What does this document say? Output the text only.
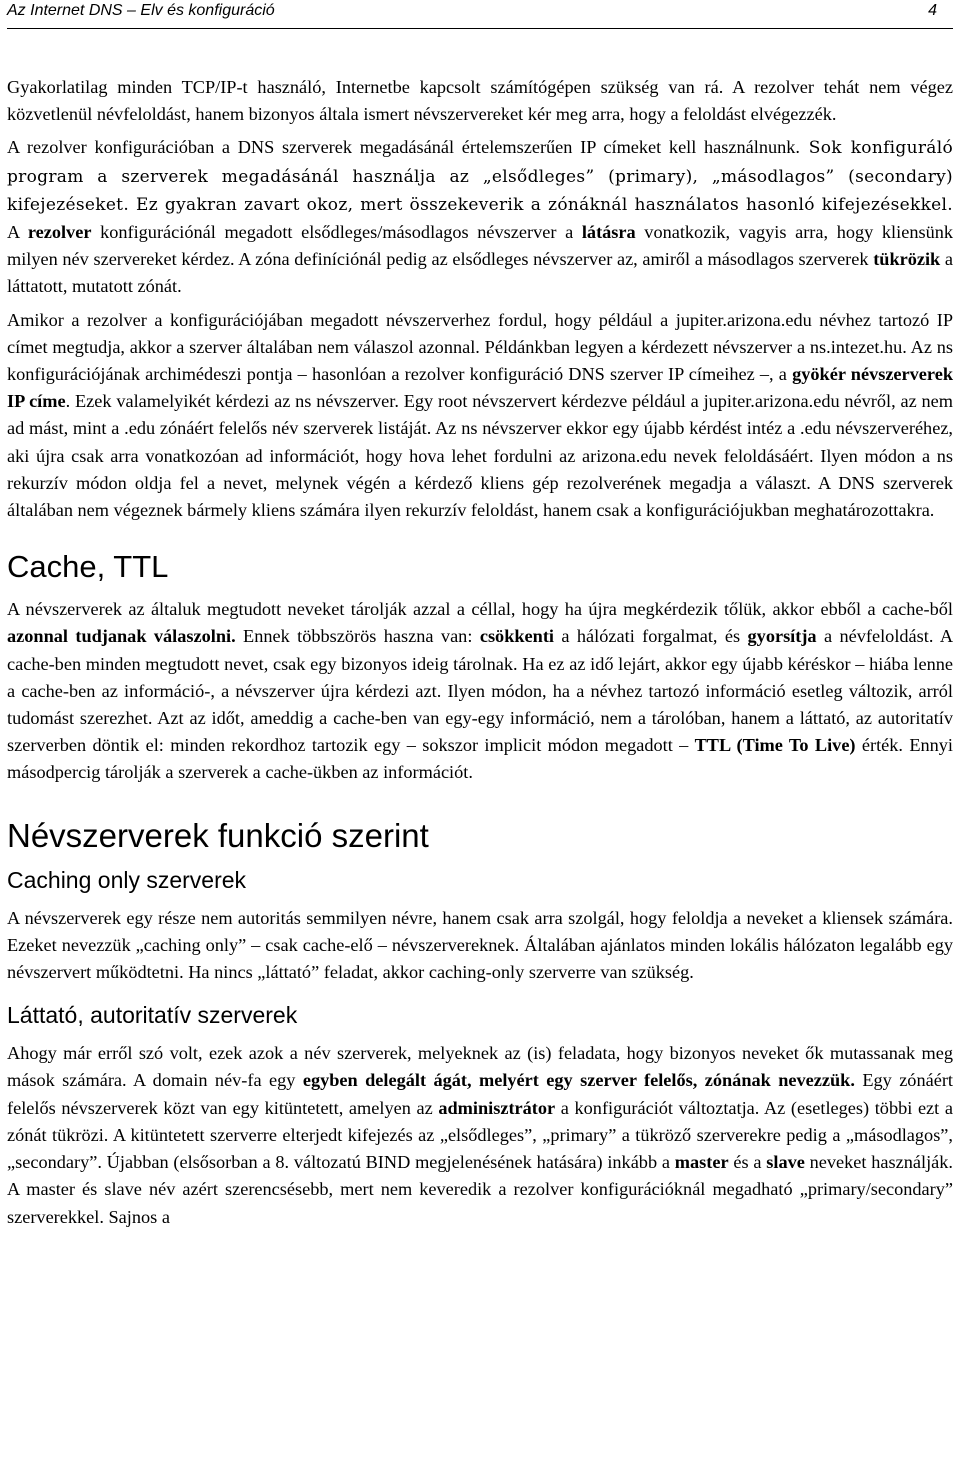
Az Internet DNS – Elv és konfiguráció	4

Gyakorlatilag minden TCP/IP-t használó, Internetbe kapcsolt számítógépen szükség van rá. A rezolver tehát nem végez közvetlenül névfeloldást, hanem bizonyos általa ismert névszervereket kér meg arra, hogy a feloldást elvégezzék.

A rezolver konfigurációban a DNS szerverek megadásánál értelemszerűen IP címeket kell használnunk. Sok konfiguráló program a szerverek megadásánál használja az „elsődleges” (primary), „másodlagos” (secondary) kifejezéseket. Ez gyakran zavart okoz, mert összekeverik a zónáknál használatos hasonló kifejezésekkel. A rezolver konfigurációnál megadott elsődleges/másodlagos névszerver a látásra vonatkozik, vagyis arra, hogy kliensünk milyen név szervereket kérdez. A zóna definíciónál pedig az elsődleges névszerver az, amiről a másodlagos szerverek tükrözik a láttatott, mutatott zónát.

Amikor a rezolver a konfigurációjában megadott névszerverhez fordul, hogy például a jupiter.arizona.edu névhez tartozó IP címet megtudja, akkor a szerver általában nem válaszol azonnal. Példánkban legyen a kérdezett névszerver a ns.intezet.hu. Az ns konfigurációjának archimédeszi pontja – hasonlóan a rezolver konfiguráció DNS szerver IP címeihez –, a gyökér névszerverek IP címe. Ezek valamelyikét kérdezi az ns névszerver. Egy root névszervert kérdezve például a jupiter.arizona.edu névről, az nem ad mást, mint a .edu zónáért felelős név szerverek listáját. Az ns névszerver ekkor egy újabb kérdést intéz a .edu névszerveréhez, aki újra csak arra vonatkozóan ad információt, hogy hova lehet fordulni az arizona.edu nevek feloldásáért. Ilyen módon a ns rekurzív módon oldja fel a nevet, melynek végén a kérdező kliens gép rezolverének megadja a választ. A DNS szerverek általában nem végeznek bármely kliens számára ilyen rekurzív feloldást, hanem csak a konfigurációjukban meghatározottakra.

Cache, TTL

A névszerverek az általuk megtudott neveket tárolják azzal a céllal, hogy ha újra megkérdezik tőlük, akkor ebből a cache-ből azonnal tudjanak válaszolni. Ennek többszörös haszna van: csökkenti a hálózati forgalmat, és gyorsítja a névfeloldást. A cache-ben minden megtudott nevet, csak egy bizonyos ideig tárolnak. Ha ez az idő lejárt, akkor egy újabb kéréskor – hiába lenne a cache-ben az információ-, a névszerver újra kérdezi azt. Ilyen módon, ha a névhez tartozó információ esetleg változik, arról tudomást szerezhet. Azt az időt, ameddig a cache-ben van egy-egy információ, nem a tárolóban, hanem a láttató, az autoritatív szerverben döntik el: minden rekordhoz tartozik egy – sokszor implicit módon megadott – TTL (Time To Live) érték. Ennyi másodpercig tárolják a szerverek a cache-ükben az információt.

Névszerverek funkció szerint
Caching only szerverek

A névszerverek egy része nem autoritás semmilyen névre, hanem csak arra szolgál, hogy feloldja a neveket a kliensek számára. Ezeket nevezzük „caching only” – csak cache-elő – névszervereknek. Általában ajánlatos minden lokális hálózaton legalább egy névszervert működtetni. Ha nincs „láttató” feladat, akkor caching-only szerverre van szükség.

Láttató, autoritatív szerverek

Ahogy már erről szó volt, ezek azok a név szerverek, melyeknek az (is) feladata, hogy bizonyos neveket ők mutassanak meg mások számára. A domain név-fa egy egyben delegált ágát, melyért egy szerver felelős, zónának nevezzük. Egy zónáért felelős névszerverek közt van egy kitüntetett, amelyen az adminisztrátor a konfigurációt változtatja. Az (esetleges) többi ezt a zónát tükrözi. A kitüntetett szerverre elterjedt kifejezés az „elsődleges”, „primary” a tükröző szerverekre pedig a „másodlagos”, „secondary”. Újabban (elsősorban a 8. változatú BIND megjelenésének hatására) inkább a master és a slave neveket használják. A master és slave név azért szerencsésebb, mert nem keveredik a rezolver konfigurációknál megadható „primary/secondary” szerverekkel. Sajnos a
